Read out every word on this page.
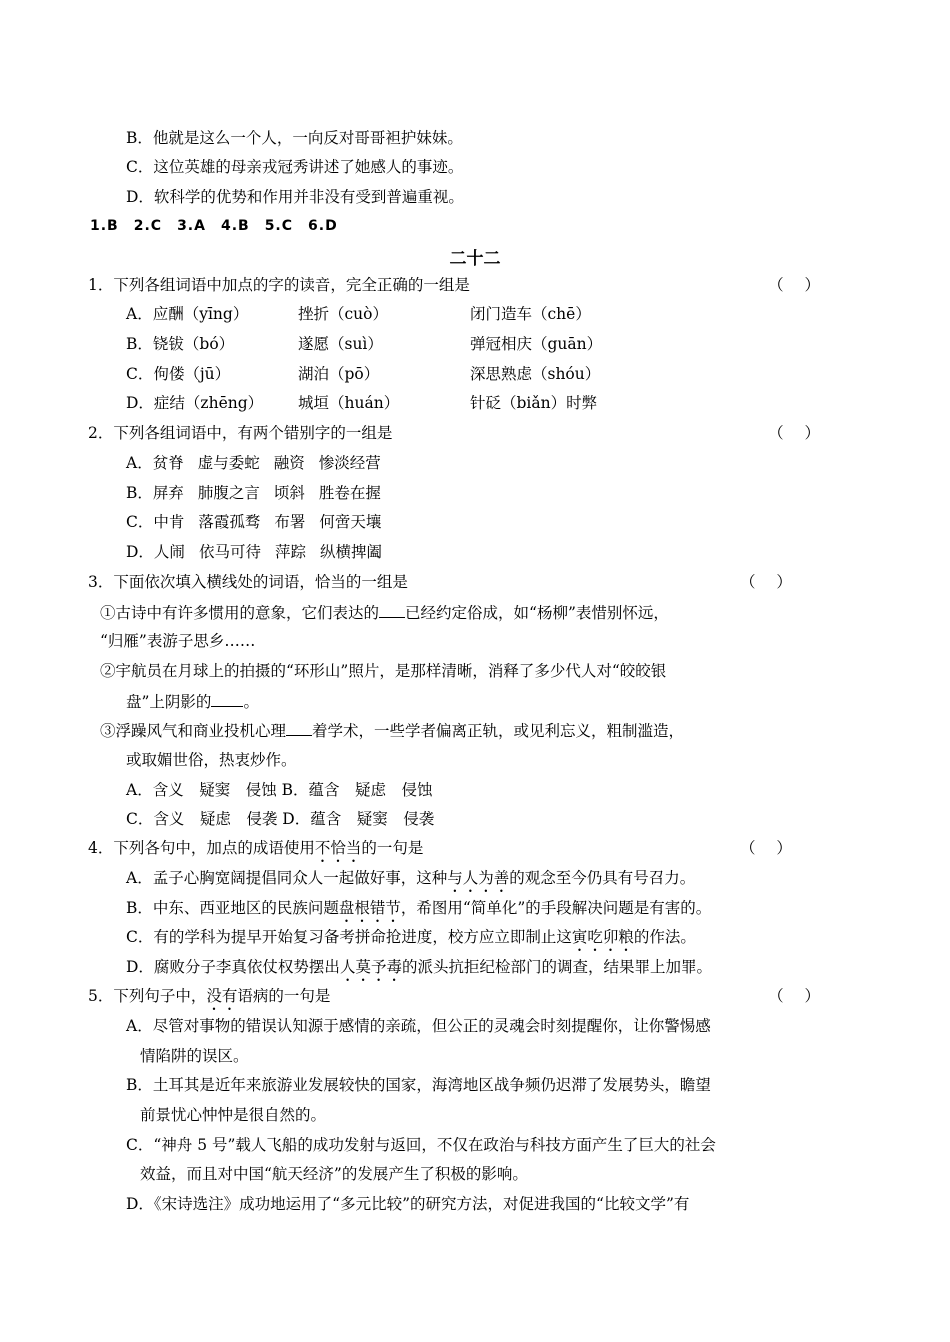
B．他就是这么一个人，一向反对哥哥袒护妹妹。
C．这位英雄的母亲戎冠秀讲述了她感人的事迹。
D．软科学的优势和作用并非没有受到普遍重视。
1.B　2.C　3.A　4.B　5.C　6.D
二十二
1．下列各组词语中加点的字的读音，完全正确的一组是	（ ）
A．应酬（yīng）	挫折（cuò）	闭门造车（chē）
B．铙钹（bó）	遂愿（suì）	弹冠相庆（guān）
C．佝偻（jū）	湖泊（pō）	深思熟虑（shóu）
D．症结（zhēng） 城垣（huán）	针砭（biǎn）时弊
2．下列各组词语中，有两个错别字的一组是	（ ）
A．贫脊 虚与委蛇 融资 惨淡经营
B．屏弃 肺腹之言 顷斜 胜卷在握
C．中肯 落霞孤骛 布署 何啻天壤
D．人闹 依马可待 萍踪 纵横捭阖
3．下面依次填入横线处的词语，恰当的一组是	（ ）
①古诗中有许多惯用的意象，它们表达的 已经约定俗成，如“杨柳”表惜别怀远，
“归雁”表游子思乡……
②宇航员在月球上的拍摄的“环形山”照片，是那样清晰，消释了多少代人对“皎皎银
盘”上阴影的 。
③浮躁风气和商业投机心理 着学术，一些学者偏离正轨，或见利忘义，粗制滥造，
或取媚世俗，热衷炒作。
A．含义　疑窦　侵蚀 B．蕴含　疑虑　侵蚀
C．含义　疑虑　侵袭 D．蕴含　疑窦　侵袭
4．下列各句中，加点的成语使用不恰当的一句是	（ ）
A．孟子心胸宽阔提倡同众人一起做好事，这种与人为善的观念至今仍具有号召力。
B．中东、西亚地区的民族问题盘根错节，希图用“简单化”的手段解决问题是有害的。
C．有的学科为提早开始复习备考拼命抢进度，校方应立即制止这寅吃卯粮的作法。
D．腐败分子李真依仗权势摆出人莫予毒的派头抗拒纪检部门的调查，结果罪上加罪。
5．下列句子中，没有语病的一句是	（ ）
A．尽管对事物的错误认知源于感情的亲疏，但公正的灵魂会时刻提醒你，让你警惕感
情陷阱的误区。
B．土耳其是近年来旅游业发展较快的国家，海湾地区战争频仍迟滞了发展势头，瞻望
前景忧心忡忡是很自然的。
C．“神舟 5 号”载人飞船的成功发射与返回，不仅在政治与科技方面产生了巨大的社会
效益，而且对中国“航天经济”的发展产生了积极的影响。
D．《宋诗选注》成功地运用了“多元比较”的研究方法，对促进我国的“比较文学”有
